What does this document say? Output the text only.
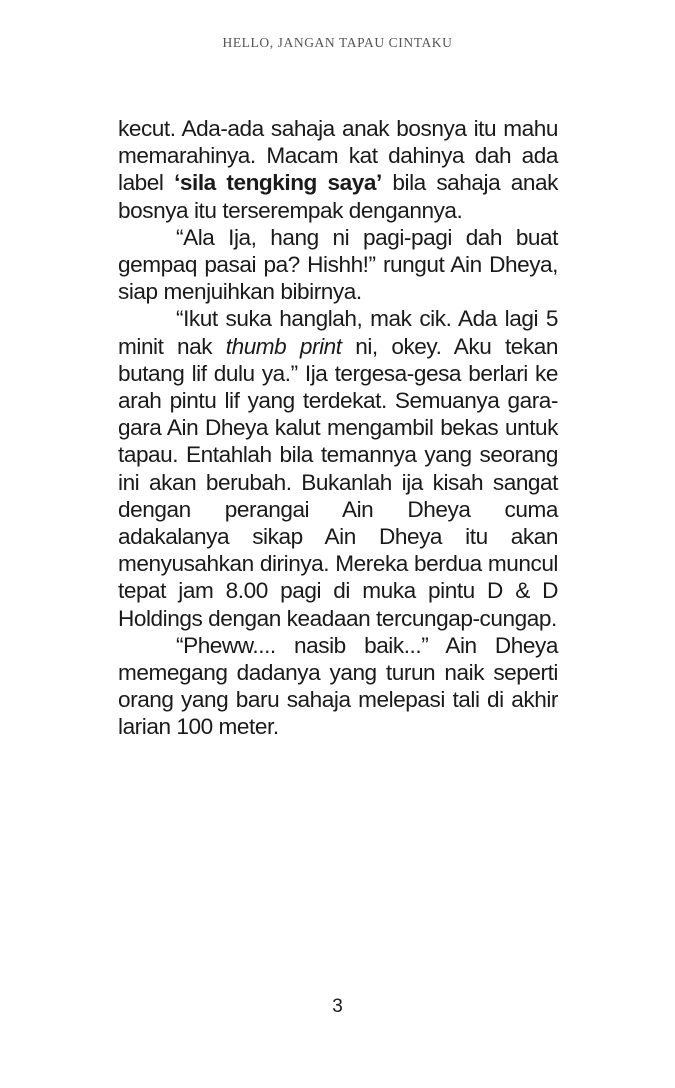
HELLO, JANGAN TAPAU CINTAKU

kecut. Ada-ada sahaja anak bosnya itu mahu memarahinya. Macam kat dahinya dah ada label ‘sila tengking saya’ bila sahaja anak bosnya itu terserempak dengannya.

“Ala Ija, hang ni pagi-pagi dah buat gempaq pasai pa? Hishh!” rungut Ain Dheya, siap menjuihkan bibirnya.

“Ikut suka hanglah, mak cik. Ada lagi 5 minit nak thumb print ni, okey. Aku tekan butang lif dulu ya.” Ija tergesa-gesa berlari ke arah pintu lif yang terdekat. Semuanya gara-gara Ain Dheya kalut mengambil bekas untuk tapau. Entahlah bila temannya yang seorang ini akan berubah. Bukanlah ija kisah sangat dengan perangai Ain Dheya cuma adakalanya sikap Ain Dheya itu akan menyusahkan dirinya. Mereka berdua muncul tepat jam 8.00 pagi di muka pintu D & D Holdings dengan keadaan tercungap-cungap.

“Pheww.... nasib baik...” Ain Dheya memegang dadanya yang turun naik seperti orang yang baru sahaja melepasi tali di akhir larian 100 meter.

3
